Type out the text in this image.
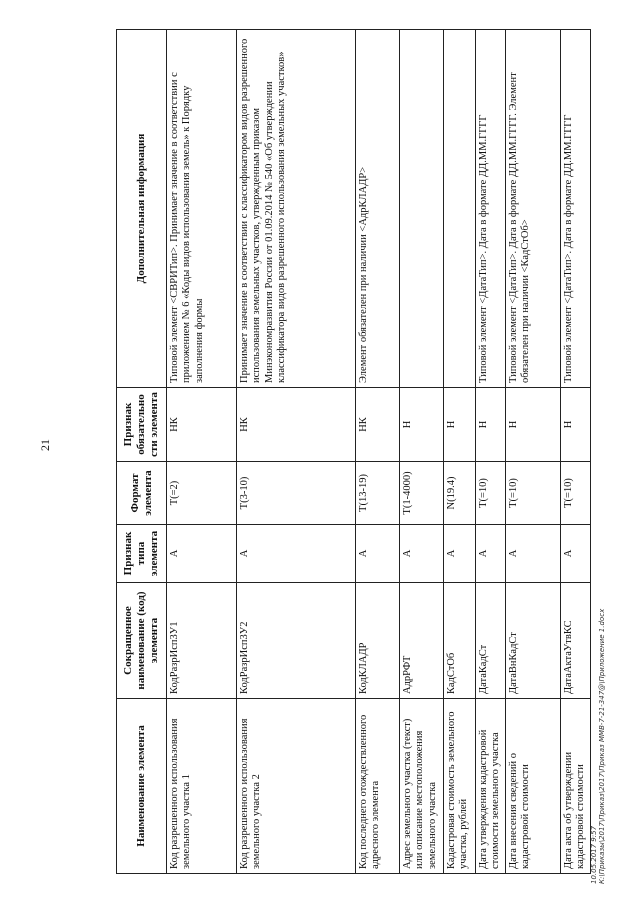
21
Наименование элемента	Сокращенное наименование (код) элемента	Признак типа элемента	Формат элемента	Признак обязательности элемента	Дополнительная информация
Код разрешенного использования земельного участка 1	КодРазрИсп3У1	А	T(=2)	НК	Типовой элемент <СВРИТип>. Принимает значение в соответствии с приложением № 6 «Коды видов использования земель» к Порядку заполнения формы
Код разрешенного использования земельного участка 2	КодРазрИсп3У2	А	T(3-10)	НК	Принимает значение в соответствии с классификатором видов разрешенного использования земельных участков, утвержденным приказом Минэкономразвития России от 01.09.2014 № 540 «Об утверждении классификатора видов разрешенного использования земельных участков»
Код последнего отождествленного адресного элемента	КодКЛАДР	А	T(13-19)	НК	Элемент обязателен при наличии <АдрКЛАДР>
Адрес земельного участка (текст) или описание местоположения земельного участка	АдрРФТ	А	T(1-4000)	Н	
Кадастровая стоимость земельного участка, рублей	КадСтОб	А	N(19.4)	Н	
Дата утверждения кадастровой стоимости земельного участка	ДатаКадСт	А	T(=10)	Н	Типовой элемент <ДатаТип>. Дата в формате ДД.ММ.ГГГГ
Дата внесения сведений о кадастровой стоимости	ДатаВнКадСт	А	T(=10)	Н	Типовой элемент <ДатаТип>. Дата в формате ДД.ММ.ГГГГ. Элемент обязателен при наличии <КадСтОб>
Дата акта об утверждении кадастровой стоимости	ДатаАктаУтвКС	А	T(=10)	Н	Типовой элемент <ДатаТип>. Дата в формате ДД.ММ.ГГГГ
10.05.2017 9:57 К:\Приказы\2017\Приказ\2017\Приказ ММВ-7-21-347@\Приложение 1.docx
